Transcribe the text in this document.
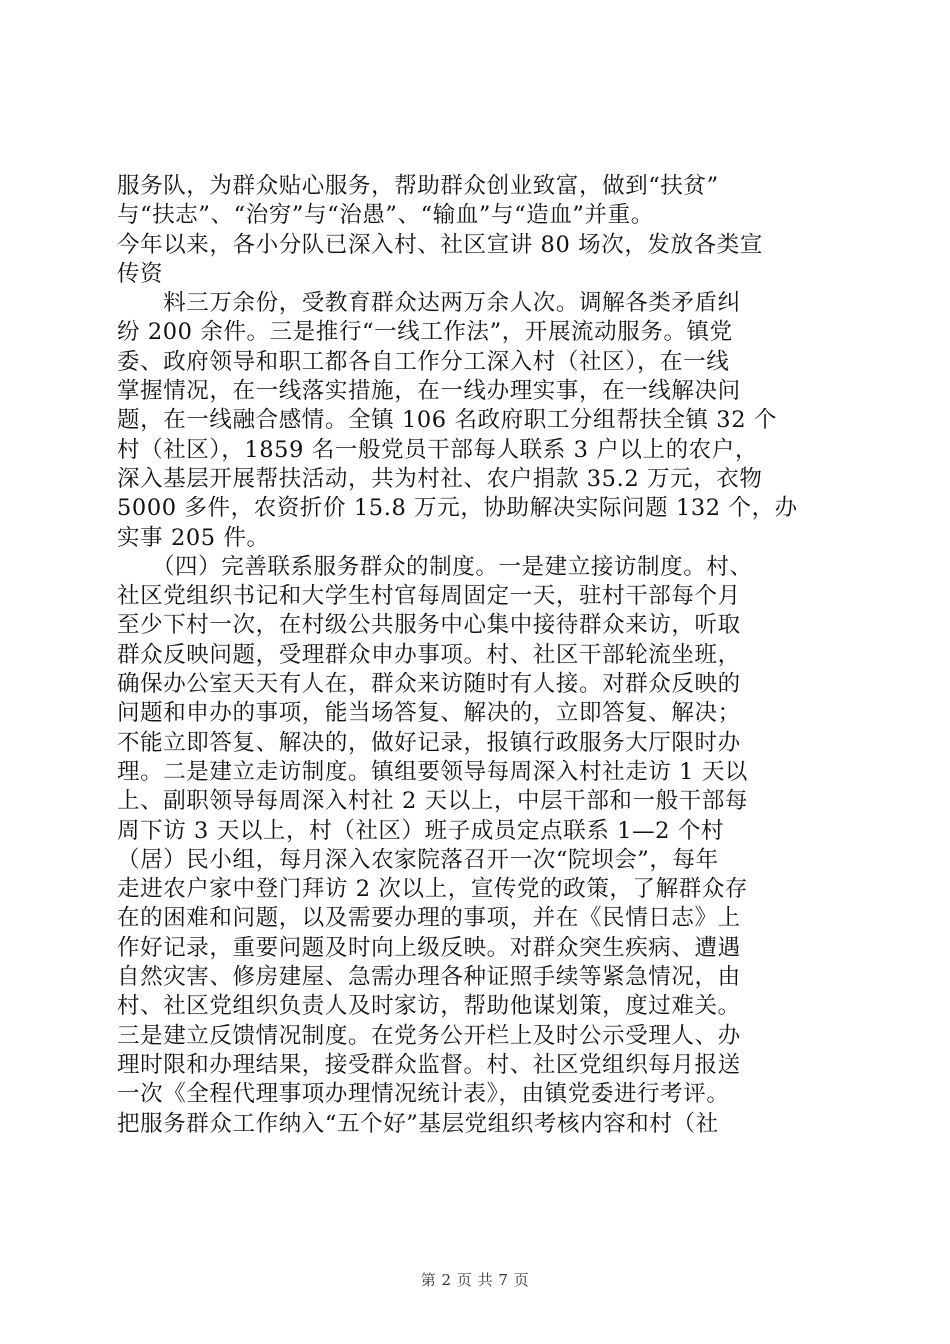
服务队，为群众贴心服务，帮助群众创业致富，做到“扶贫”
与“扶志”、“治穷”与“治愚”、“输血”与“造血”并重。
今年以来，各小分队已深入村、社区宣讲 80 场次，发放各类宣
传资
　　料三万余份，受教育群众达两万余人次。调解各类矛盾纠
纷 200 余件。三是推行“一线工作法”，开展流动服务。镇党
委、政府领导和职工都各自工作分工深入村（社区），在一线
掌握情况，在一线落实措施，在一线办理实事，在一线解决问
题，在一线融合感情。全镇 106 名政府职工分组帮扶全镇 32 个
村（社区），1859 名一般党员干部每人联系 3 户以上的农户，
深入基层开展帮扶活动，共为村社、农户捐款 35.2 万元，衣物
5000 多件，农资折价 15.8 万元，协助解决实际问题 132 个，办
实事 205 件。
　　（四）完善联系服务群众的制度。一是建立接访制度。村、
社区党组织书记和大学生村官每周固定一天，驻村干部每个月
至少下村一次，在村级公共服务中心集中接待群众来访，听取
群众反映问题，受理群众申办事项。村、社区干部轮流坐班，
确保办公室天天有人在，群众来访随时有人接。对群众反映的
问题和申办的事项，能当场答复、解决的，立即答复、解决；
不能立即答复、解决的，做好记录，报镇行政服务大厅限时办
理。二是建立走访制度。镇组要领导每周深入村社走访 1 天以
上、副职领导每周深入村社 2 天以上，中层干部和一般干部每
周下访 3 天以上，村（社区）班子成员定点联系 1—2 个村
（居）民小组，每月深入农家院落召开一次“院坝会”，每年
走进农户家中登门拜访 2 次以上，宣传党的政策，了解群众存
在的困难和问题，以及需要办理的事项，并在《民情日志》上
作好记录，重要问题及时向上级反映。对群众突生疾病、遭遇
自然灾害、修房建屋、急需办理各种证照手续等紧急情况，由
村、社区党组织负责人及时家访，帮助他谋划策，度过难关。
三是建立反馈情况制度。在党务公开栏上及时公示受理人、办
理时限和办理结果，接受群众监督。村、社区党组织每月报送
一次《全程代理事项办理情况统计表》，由镇党委进行考评。
把服务群众工作纳入“五个好”基层党组织考核内容和村（社
第 2 页 共 7 页
